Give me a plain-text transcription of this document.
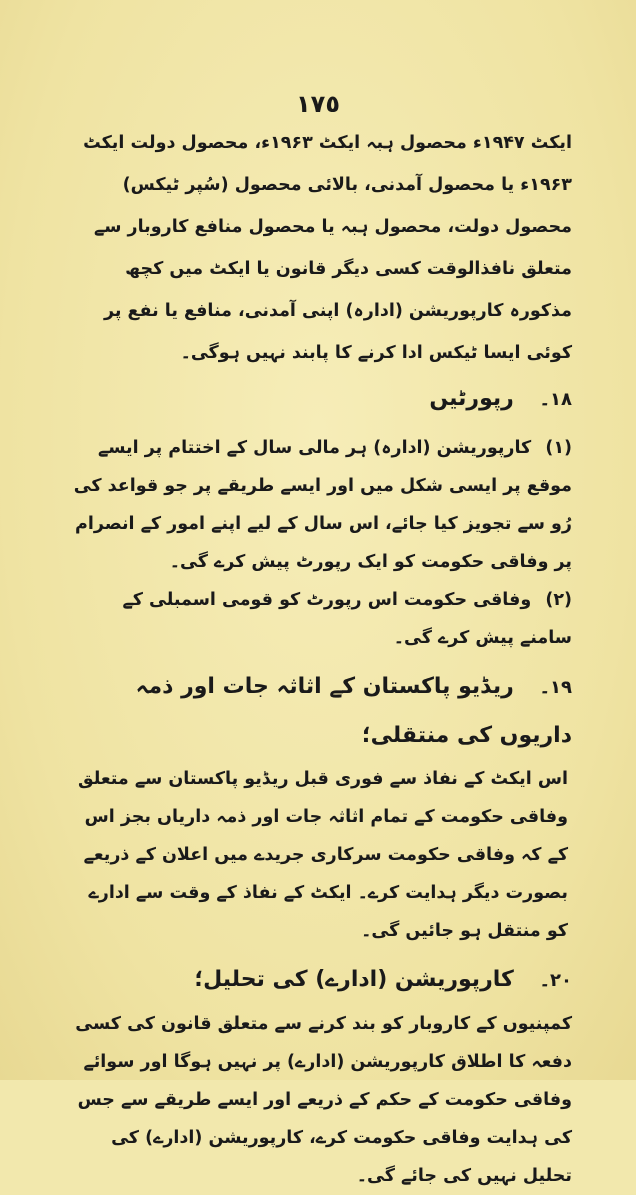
١٧٥

ایکٹ ۱۹۴۷ء محصول ہبہ ایکٹ ۱۹۶۳ء، محصول دولت ایکٹ ۱۹۶۳ء یا محصول آمدنی، بالائی محصول (سُپر ٹیکس) محصول دولت، محصول ہبہ یا محصول منافع کاروبار سے متعلق نافذالوقت کسی دیگر قانون یا ایکٹ میں کچھ مذکورہ کارپوریشن (ادارہ) اپنی آمدنی، منافع یا نفع پر کوئی ایسا ٹیکس ادا کرنے کا پابند نہیں ہوگی۔

۱۸۔ رپورٹیں

(۱) کارپوریشن (ادارہ) ہر مالی سال کے اختتام پر ایسے موقع پر ایسی شکل میں اور ایسے طریقے پر جو قواعد کی رُو سے تجویز کیا جائے، اس سال کے لیے اپنے امور کے انصرام پر وفاقی حکومت کو ایک رپورٹ پیش کرے گی۔

(۲) وفاقی حکومت اس رپورٹ کو قومی اسمبلی کے سامنے پیش کرے گی۔

۱۹۔ ریڈیو پاکستان کے اثاثہ جات اور ذمہ داریوں کی منتقلی؛

اس ایکٹ کے نفاذ سے فوری قبل ریڈیو پاکستان سے متعلق وفاقی حکومت کے تمام اثاثہ جات اور ذمہ داریاں بجز اس کے کہ وفاقی حکومت سرکاری جریدے میں اعلان کے ذریعے بصورت دیگر ہدایت کرے۔ ایکٹ کے نفاذ کے وقت سے ادارے کو منتقل ہو جائیں گی۔

۲۰۔ کارپوریشن (ادارے) کی تحلیل؛

کمپنیوں کے کاروبار کو بند کرنے سے متعلق قانون کی کسی دفعہ کا اطلاق کارپوریشن (ادارے) پر نہیں ہوگا اور سوائے وفاقی حکومت کے حکم کے ذریعے اور ایسے طریقے سے جس کی ہدایت وفاقی حکومت کرے، کارپوریشن (ادارے) کی تحلیل نہیں کی جائے گی۔
